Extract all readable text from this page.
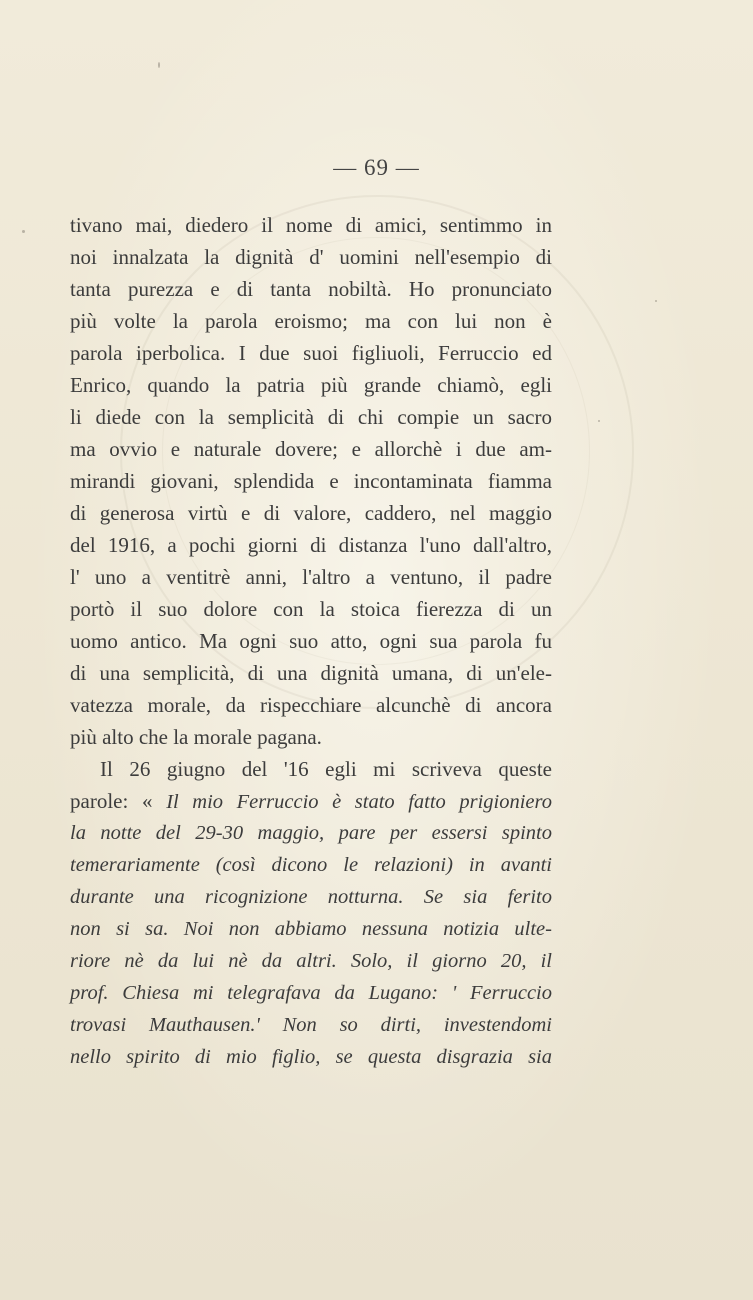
— 69 —
tivano mai, diedero il nome di amici, sentimmo in
noi innalzata la dignità d' uomini nell'esempio di
tanta purezza e di tanta nobiltà. Ho pronunciato
più volte la parola eroismo; ma con lui non è
parola iperbolica. I due suoi figliuoli, Ferruccio ed
Enrico, quando la patria più grande chiamò, egli
li diede con la semplicità di chi compie un sacro
ma ovvio e naturale dovere; e allorchè i due am-
mirandi giovani, splendida e incontaminata fiamma
di generosa virtù e di valore, caddero, nel maggio
del 1916, a pochi giorni di distanza l'uno dall'altro,
l' uno a ventitrè anni, l'altro a ventuno, il padre
portò il suo dolore con la stoica fierezza di un
uomo antico. Ma ogni suo atto, ogni sua parola fu
di una semplicità, di una dignità umana, di un'ele-
vatezza morale, da rispecchiare alcunchè di ancora
più alto che la morale pagana.
Il 26 giugno del '16 egli mi scriveva queste
parole: « Il mio Ferruccio è stato fatto prigioniero
la notte del 29-30 maggio, pare per essersi spinto
temerariamente (così dicono le relazioni) in avanti
durante una ricognizione notturna. Se sia ferito
non si sa. Noi non abbiamo nessuna notizia ulte-
riore nè da lui nè da altri. Solo, il giorno 20, il
prof. Chiesa mi telegrafava da Lugano: ' Ferruccio
trovasi Mauthausen.' Non so dirti, investendomi
nello spirito di mio figlio, se questa disgrazia sia
